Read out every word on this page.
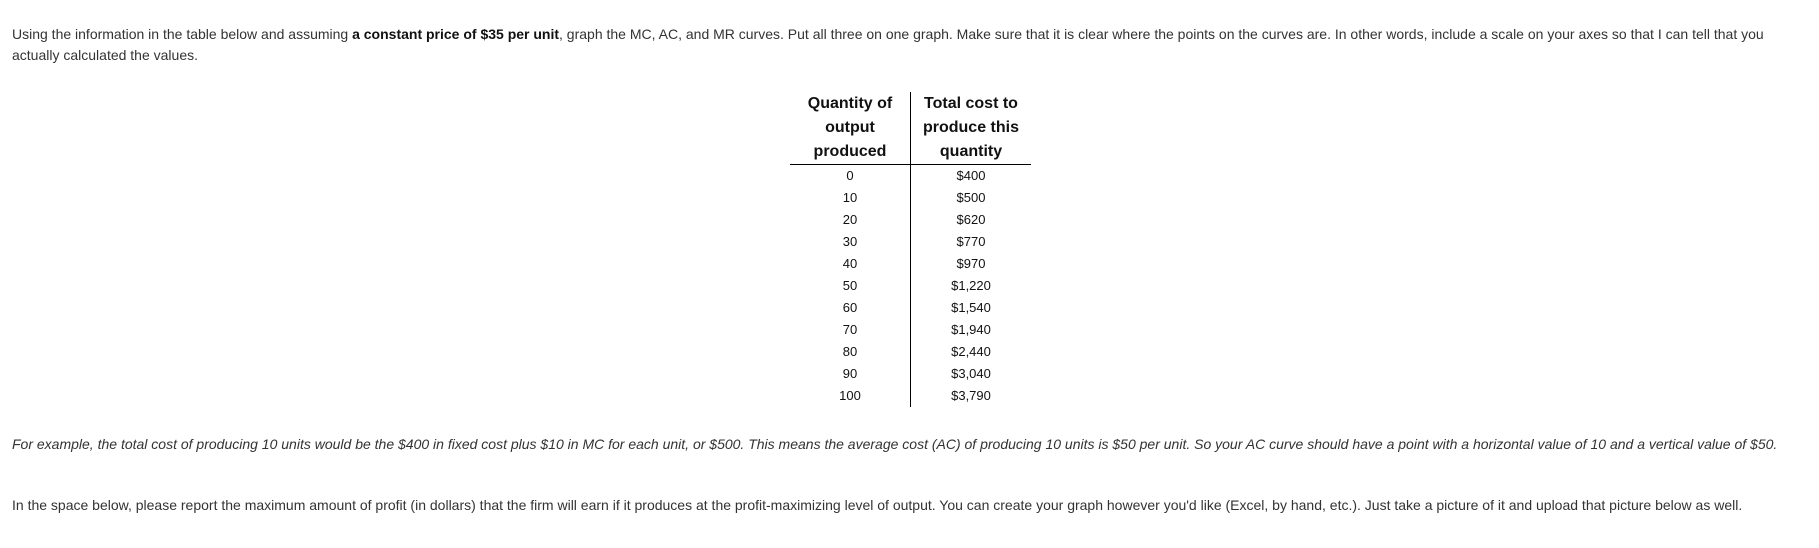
Using the information in the table below and assuming a constant price of $35 per unit, graph the MC, AC, and MR curves. Put all three on one graph. Make sure that it is clear where the points on the curves are. In other words, include a scale on your axes so that I can tell that you actually calculated the values.

Quantity of output produced	Total cost to produce this quantity
0	$400
10	$500
20	$620
30	$770
40	$970
50	$1,220
60	$1,540
70	$1,940
80	$2,440
90	$3,040
100	$3,790

For example, the total cost of producing 10 units would be the $400 in fixed cost plus $10 in MC for each unit, or $500. This means the average cost (AC) of producing 10 units is $50 per unit. So your AC curve should have a point with a horizontal value of 10 and a vertical value of $50.

In the space below, please report the maximum amount of profit (in dollars) that the firm will earn if it produces at the profit-maximizing level of output. You can create your graph however you'd like (Excel, by hand, etc.). Just take a picture of it and upload that picture below as well.
